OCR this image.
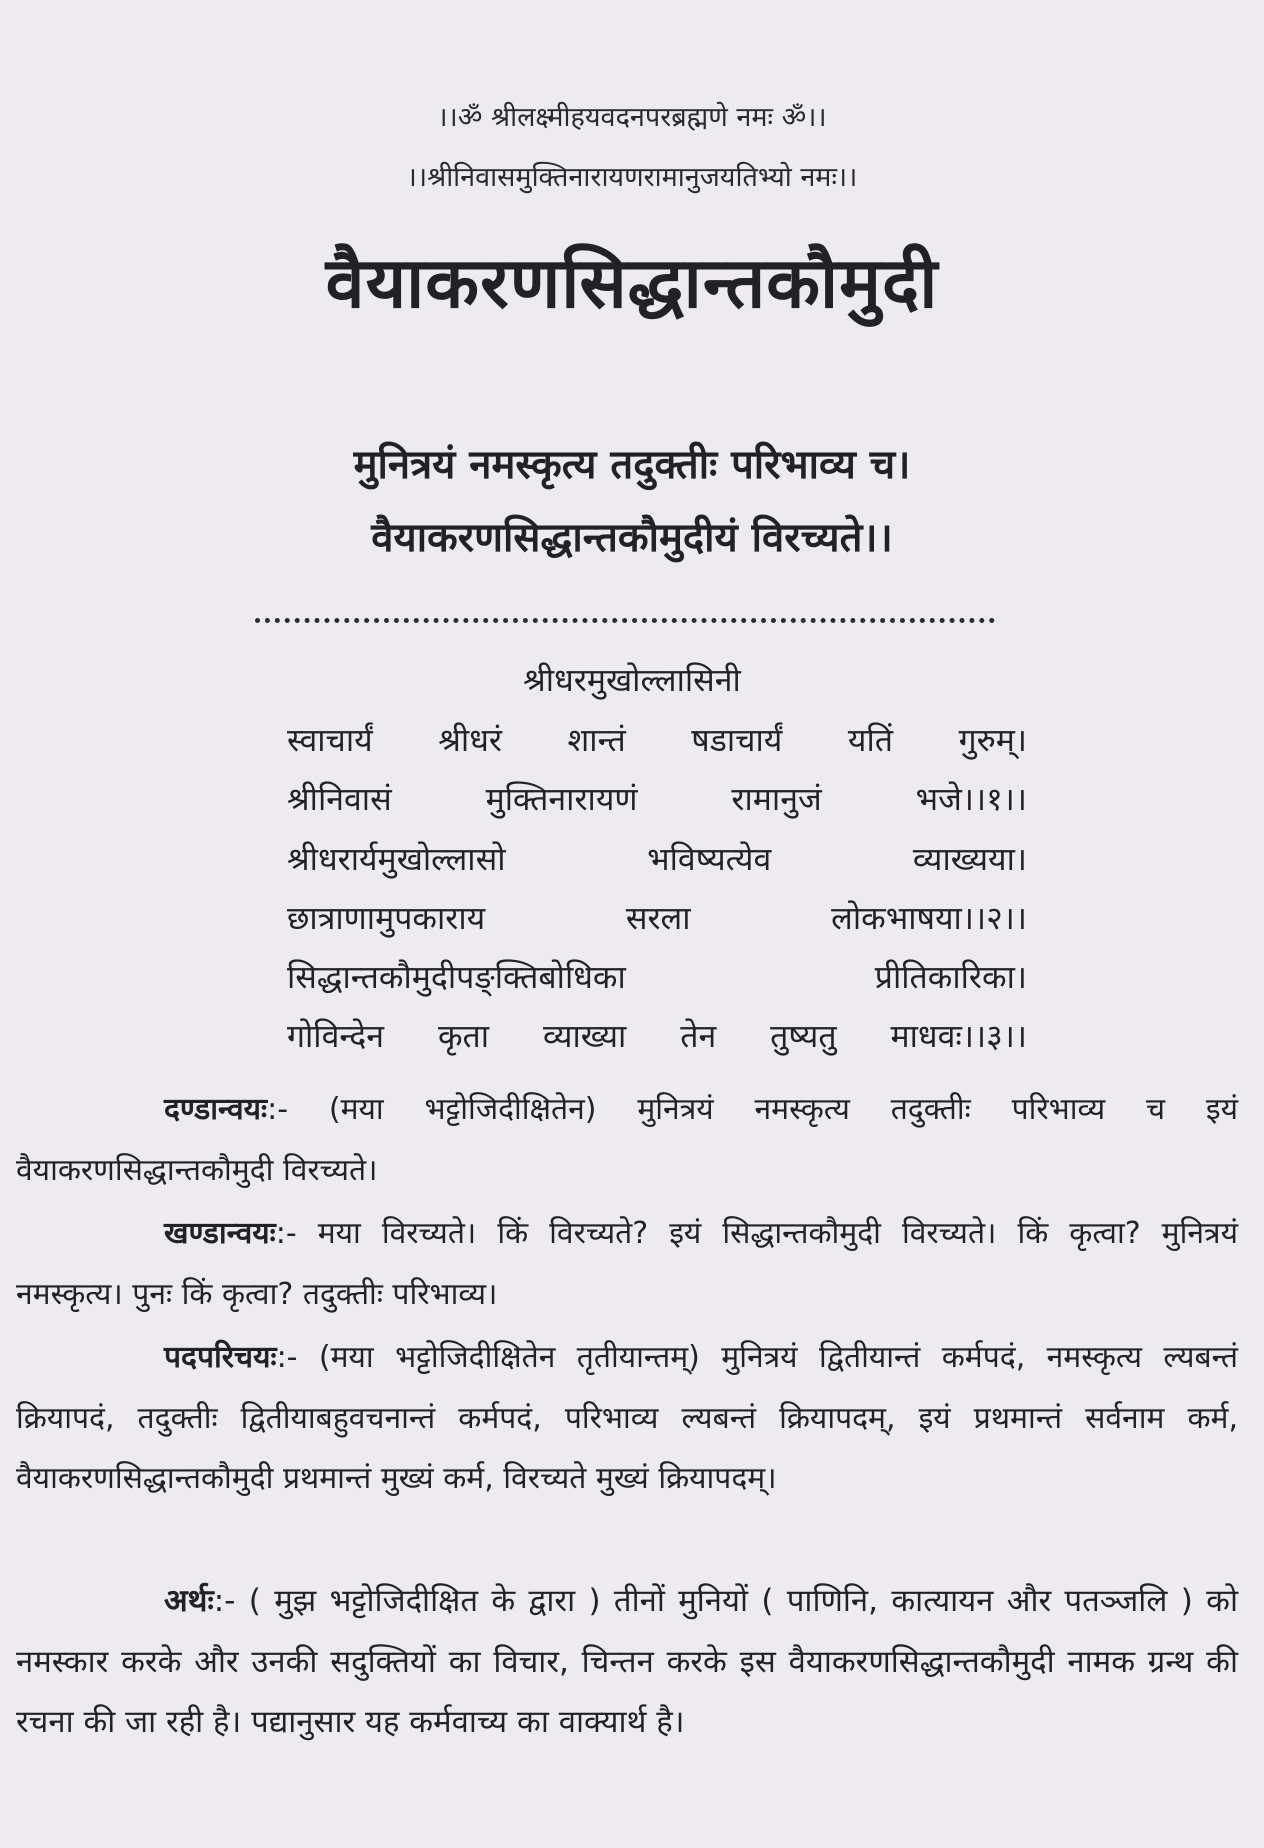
।।ॐ श्रीलक्ष्मीहयवदनपरब्रह्मणे नमः ॐ।।
।।श्रीनिवासमुक्तिनारायणरामानुजयतिभ्यो नमः।।
वैयाकरणसिद्धान्तकौमुदी
मुनित्रयं नमस्कृत्य तदुक्तीः परिभाव्य च।
वैयाकरणसिद्धान्तकौमुदीयं विरच्यते।।
श्रीधरमुखोल्लासिनी
स्वाचार्यं श्रीधरं शान्तं षडाचार्यं यतिं गुरुम्।
श्रीनिवासं मुक्तिनारायणं रामानुजं भजे।।१।।
श्रीधरार्यमुखोल्लासो भविष्यत्येव व्याख्यया।
छात्राणामुपकाराय सरला लोकभाषया।।२।।
सिद्धान्तकौमुदीपङ्क्तिबोधिका प्रीतिकारिका।
गोविन्देन कृता व्याख्या तेन तुष्यतु माधवः।।३।।

दण्डान्वयः:- (मया भट्टोजिदीक्षितेन) मुनित्रयं नमस्कृत्य तदुक्तीः परिभाव्य च इयं वैयाकरणसिद्धान्तकौमुदी विरच्यते।

खण्डान्वयः:- मया विरच्यते। किं विरच्यते? इयं सिद्धान्तकौमुदी विरच्यते। किं कृत्वा? मुनित्रयं नमस्कृत्य। पुनः किं कृत्वा? तदुक्तीः परिभाव्य।

पदपरिचयः:- (मया भट्टोजिदीक्षितेन तृतीयान्तम्) मुनित्रयं द्वितीयान्तं कर्मपदं, नमस्कृत्य ल्यबन्तं क्रियापदं, तदुक्तीः द्वितीयाबहुवचनान्तं कर्मपदं, परिभाव्य ल्यबन्तं क्रियापदम्, इयं प्रथमान्तं सर्वनाम कर्म, वैयाकरणसिद्धान्तकौमुदी प्रथमान्तं मुख्यं कर्म, विरच्यते मुख्यं क्रियापदम्।

अर्थः:- ( मुझ भट्टोजिदीक्षित के द्वारा ) तीनों मुनियों ( पाणिनि, कात्यायन और पतञ्जलि ) को नमस्कार करके और उनकी सदुक्तियों का विचार, चिन्तन करके इस वैयाकरणसिद्धान्तकौमुदी नामक ग्रन्थ की रचना की जा रही है। पद्यानुसार यह कर्मवाच्य का वाक्यार्थ है।
